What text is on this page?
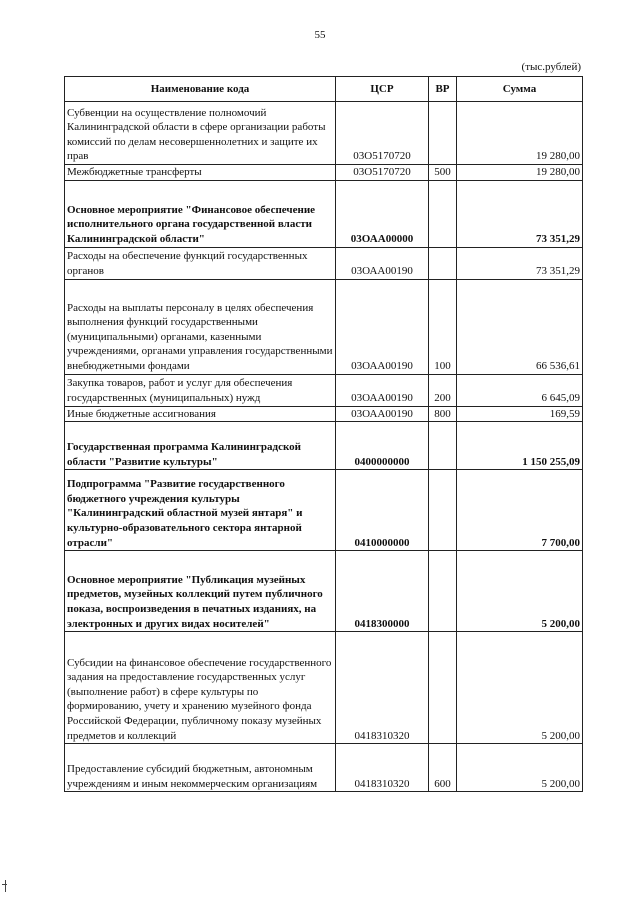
55
(тыс.рублей)
Наименование кода	ЦСР	ВР	Сумма
Субвенции на осуществление полномочий Калининградской области в сфере организации работы комиссий по делам несовершеннолетних и защите их прав	03О5170720		19 280,00
Межбюджетные трансферты	03О5170720	500	19 280,00
Основное мероприятие "Финансовое обеспечение исполнительного органа государственной власти Калининградской области"	03ОАА00000		73 351,29
Расходы на обеспечение функций государственных органов	03ОАА00190		73 351,29
Расходы на выплаты персоналу в целях обеспечения выполнения функций государственными (муниципальными) органами, казенными учреждениями, органами управления государственными внебюджетными фондами	03ОАА00190	100	66 536,61
Закупка товаров, работ и услуг для обеспечения государственных (муниципальных) нужд	03ОАА00190	200	6 645,09
Иные бюджетные ассигнования	03ОАА00190	800	169,59
Государственная программа Калининградской области "Развитие культуры"	0400000000		1 150 255,09
Подпрограмма "Развитие государственного бюджетного учреждения культуры "Калининградский областной музей янтаря" и культурно-образовательного сектора янтарной отрасли"	0410000000		7 700,00
Основное мероприятие "Публикация музейных предметов, музейных коллекций путем публичного показа, воспроизведения в печатных изданиях, на электронных и других видах носителей"	0418300000		5 200,00
Субсидии на финансовое обеспечение государственного задания на предоставление государственных услуг (выполнение работ) в сфере культуры по формированию, учету и хранению музейного фонда Российской Федерации, публичному показу музейных предметов и коллекций	0418310320		5 200,00
Предоставление субсидий бюджетным, автономным учреждениям и иным некоммерческим организациям	0418310320	600	5 200,00
